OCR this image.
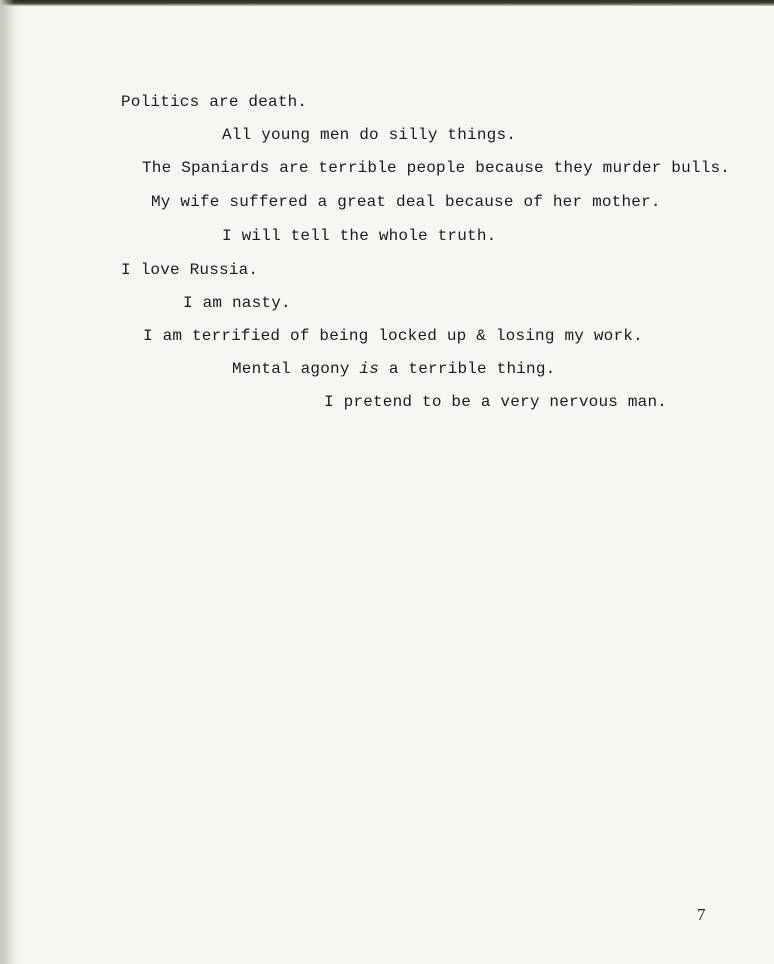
Politics are death.

All young men do silly things.

The Spaniards are terrible people because they murder bulls.

My wife suffered a great deal because of her mother.

I will tell the whole truth.

I love Russia.

I am nasty.

I am terrified of being locked up & losing my work.

Mental agony is a terrible thing.

I pretend to be a very nervous man.

7
